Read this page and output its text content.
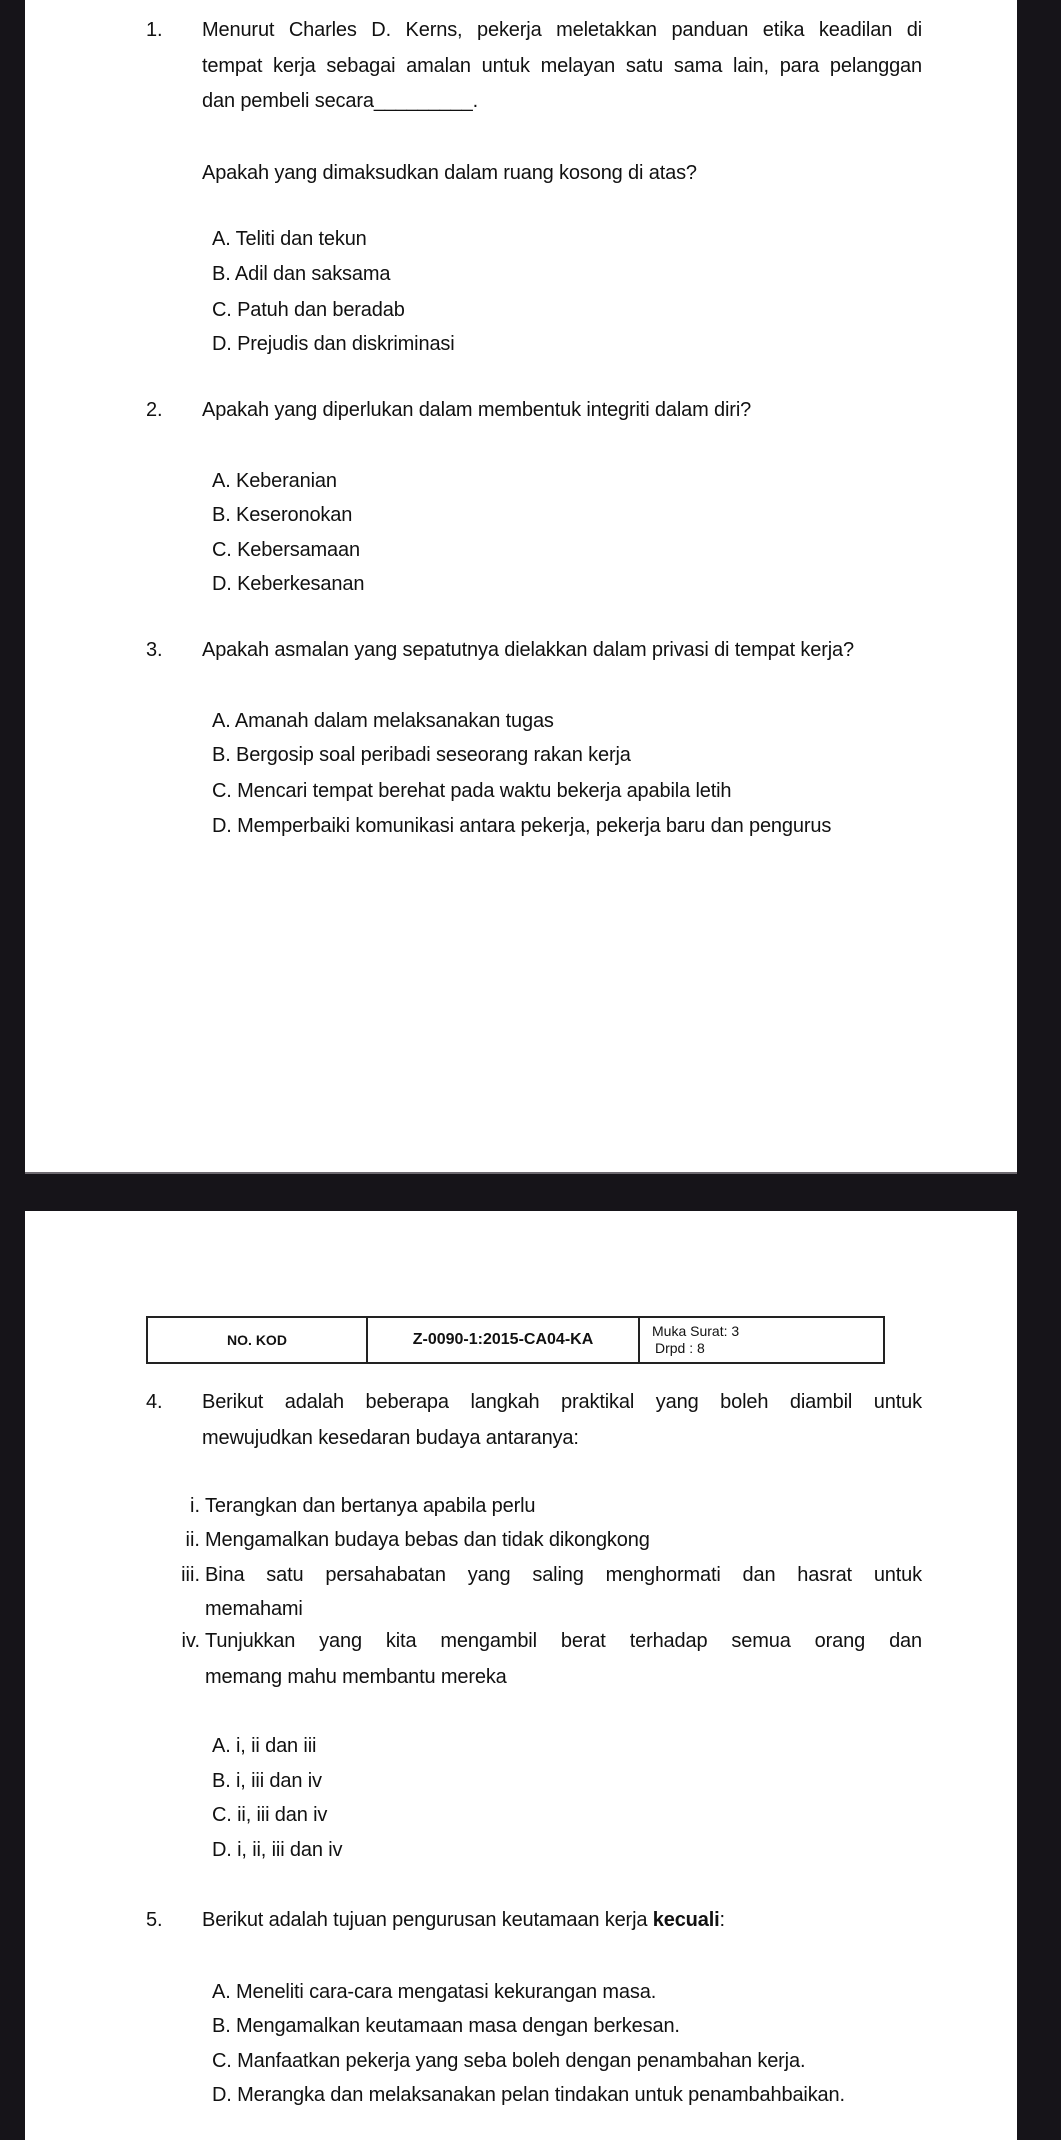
1. Menurut Charles D. Kerns, pekerja meletakkan panduan etika keadilan di
tempat kerja sebagai amalan untuk melayan satu sama lain, para pelanggan
dan pembeli secara_________.
Apakah yang dimaksudkan dalam ruang kosong di atas?
A. Teliti dan tekun
B. Adil dan saksama
C. Patuh dan beradab
D. Prejudis dan diskriminasi
2. Apakah yang diperlukan dalam membentuk integriti dalam diri?
A. Keberanian
B. Keseronokan
C. Kebersamaan
D. Keberkesanan
3. Apakah asmalan yang sepatutnya dielakkan dalam privasi di tempat kerja?
A. Amanah dalam melaksanakan tugas
B. Bergosip soal peribadi seseorang rakan kerja
C. Mencari tempat berehat pada waktu bekerja apabila letih
D. Memperbaiki komunikasi antara pekerja, pekerja baru dan pengurus
NO. KOD	Z-0090-1:2015-CA04-KA	Muka Surat: 3
Drpd : 8
4. Berikut adalah beberapa langkah praktikal yang boleh diambil untuk
mewujudkan kesedaran budaya antaranya:
i. Terangkan dan bertanya apabila perlu
ii. Mengamalkan budaya bebas dan tidak dikongkong
iii. Bina satu persahabatan yang saling menghormati dan hasrat untuk
memahami
iv. Tunjukkan yang kita mengambil berat terhadap semua orang dan
memang mahu membantu mereka
A. i, ii dan iii
B. i, iii dan iv
C. ii, iii dan iv
D. i, ii, iii dan iv
5. Berikut adalah tujuan pengurusan keutamaan kerja kecuali:
A. Meneliti cara-cara mengatasi kekurangan masa.
B. Mengamalkan keutamaan masa dengan berkesan.
C. Manfaatkan pekerja yang seba boleh dengan penambahan kerja.
D. Merangka dan melaksanakan pelan tindakan untuk penambahbaikan.
